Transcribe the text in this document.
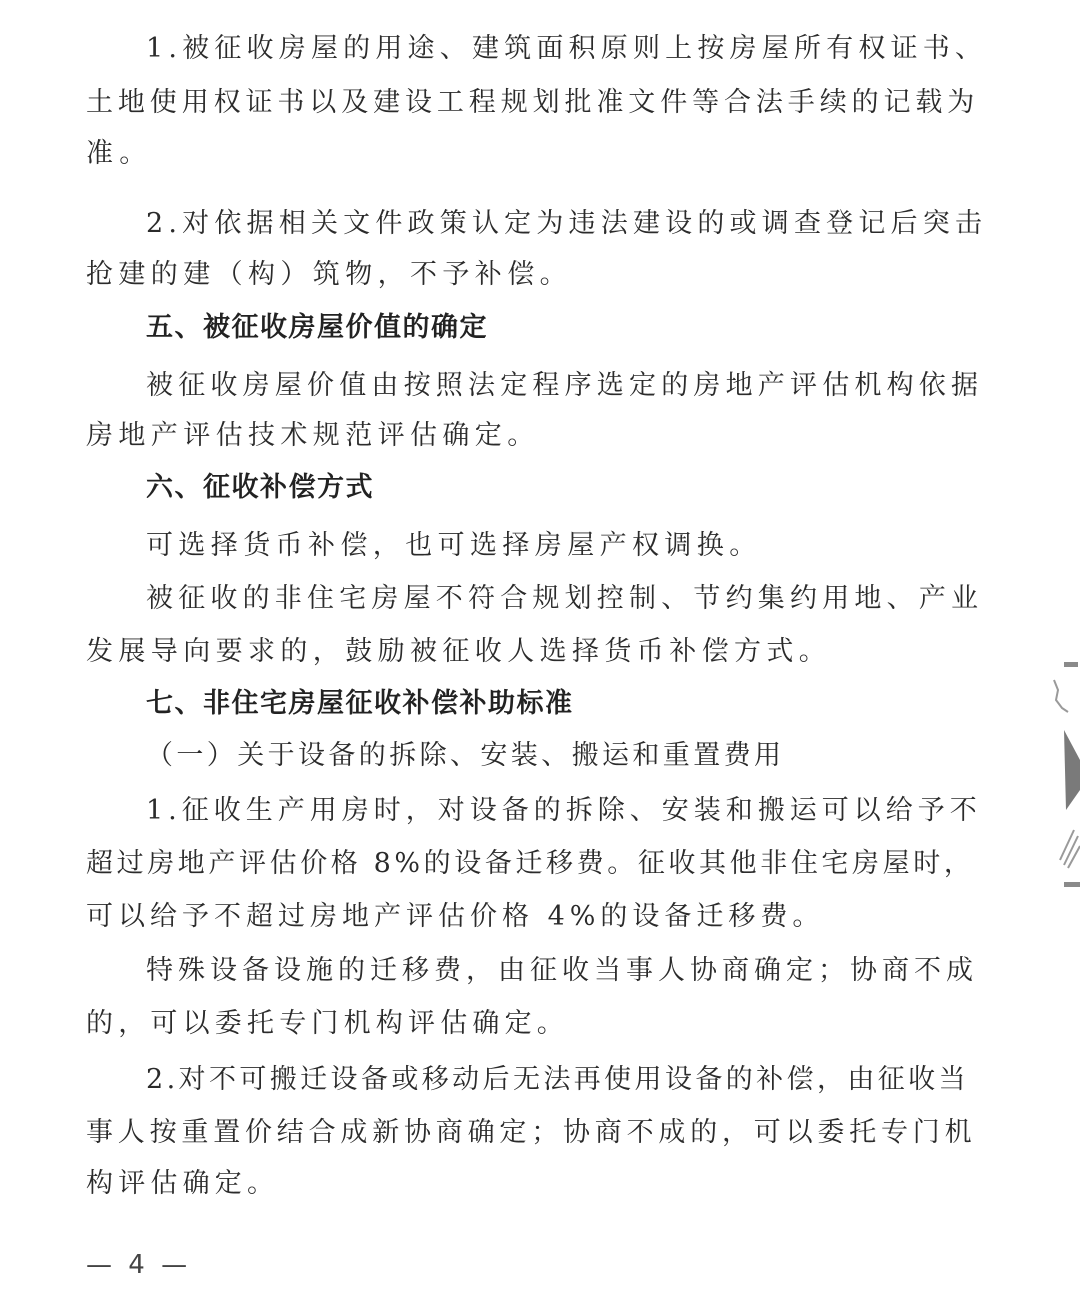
1.被征收房屋的用途、建筑面积原则上按房屋所有权证书、
土地使用权证书以及建设工程规划批准文件等合法手续的记载为
准。
2.对依据相关文件政策认定为违法建设的或调查登记后突击
抢建的建（构）筑物，不予补偿。
五、被征收房屋价值的确定
被征收房屋价值由按照法定程序选定的房地产评估机构依据
房地产评估技术规范评估确定。
六、征收补偿方式
可选择货币补偿，也可选择房屋产权调换。
被征收的非住宅房屋不符合规划控制、节约集约用地、产业
发展导向要求的，鼓励被征收人选择货币补偿方式。
七、非住宅房屋征收补偿补助标准
（一）关于设备的拆除、安装、搬运和重置费用
1.征收生产用房时，对设备的拆除、安装和搬运可以给予不
超过房地产评估价格 8%的设备迁移费。征收其他非住宅房屋时，
可以给予不超过房地产评估价格 4%的设备迁移费。
特殊设备设施的迁移费，由征收当事人协商确定；协商不成
的，可以委托专门机构评估确定。
2.对不可搬迁设备或移动后无法再使用设备的补偿，由征收当
事人按重置价结合成新协商确定；协商不成的，可以委托专门机
构评估确定。
— 4 —
